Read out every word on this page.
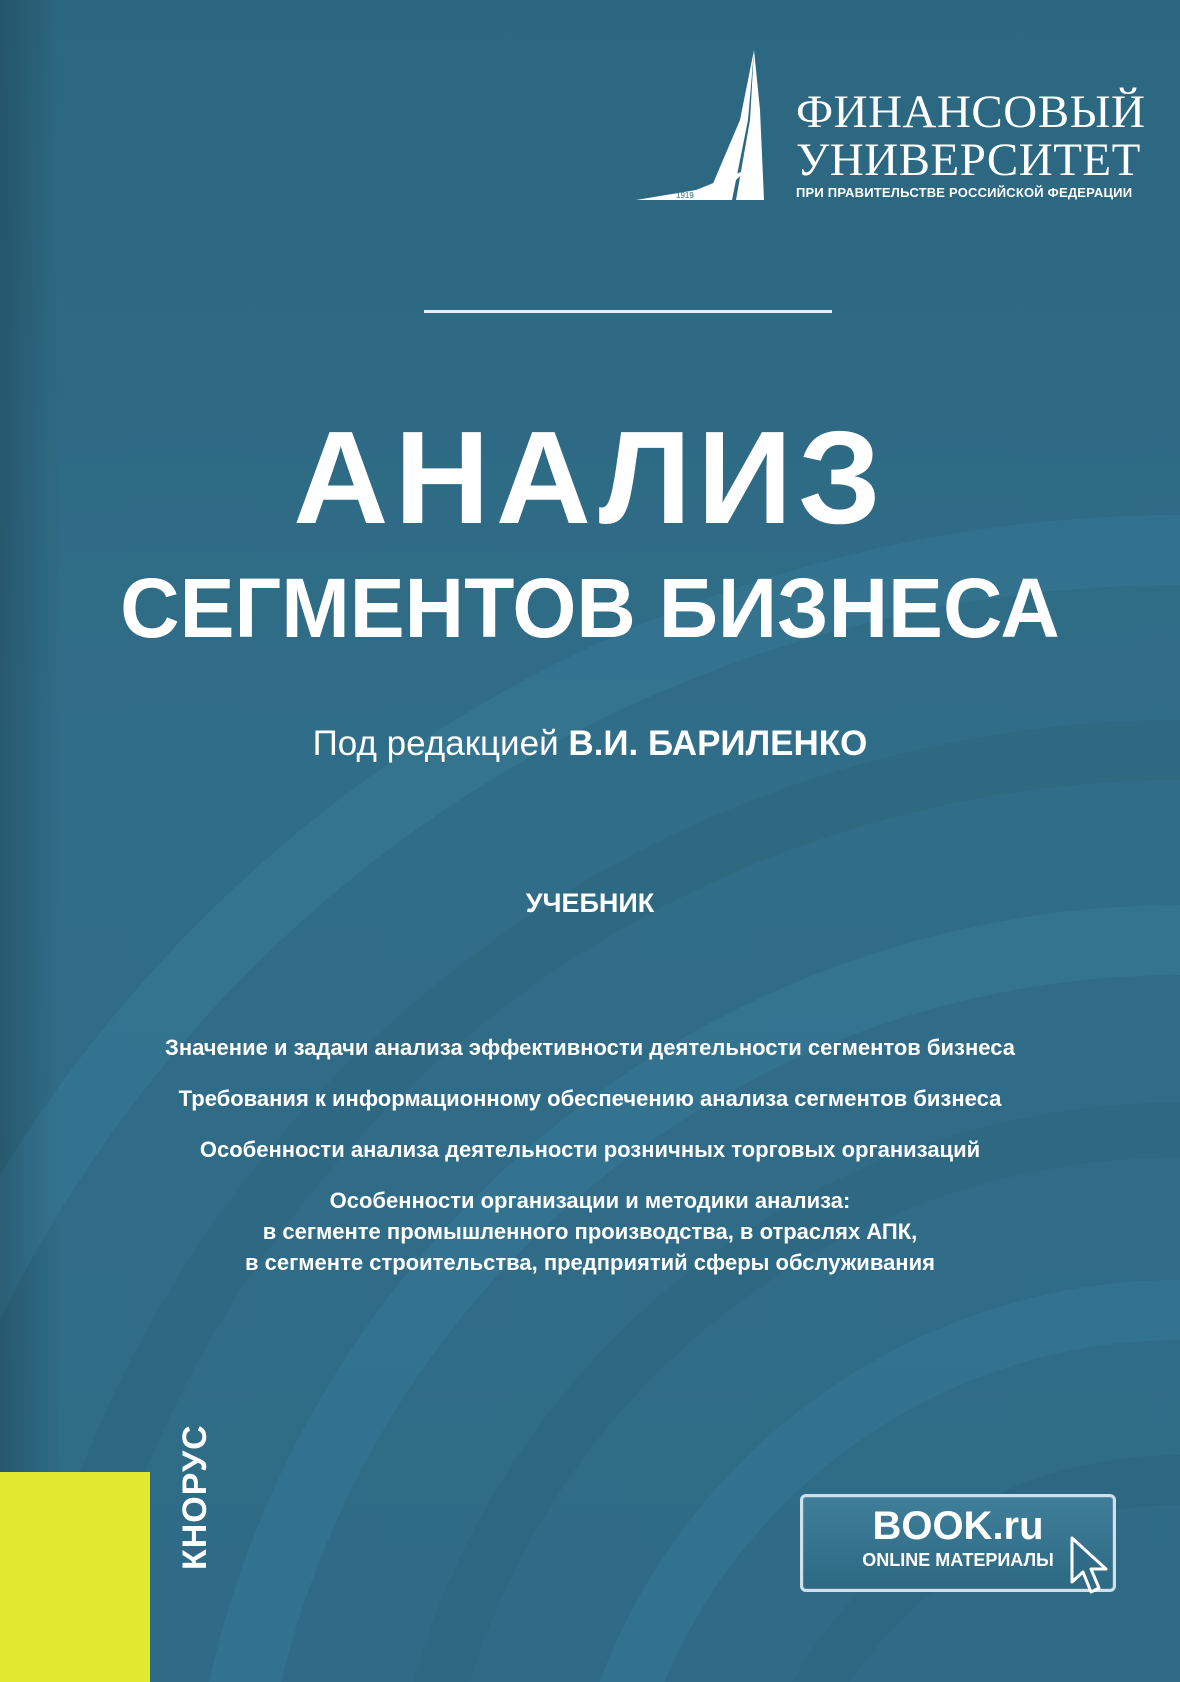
1919
ФИНАНСОВЫЙ
УНИВЕРСИТЕТ
ПРИ ПРАВИТЕЛЬСТВЕ РОССИЙСКОЙ ФЕДЕРАЦИИ
АНАЛИЗ
СЕГМЕНТОВ БИЗНЕСА
Под редакцией В.И. БАРИЛЕНКО
УЧЕБНИК
Значение и задачи анализа эффективности деятельности сегментов бизнеса
Требования к информационному обеспечению анализа сегментов бизнеса
Особенности анализа деятельности розничных торговых организаций
Особенности организации и методики анализа:
в сегменте промышленного производства, в отраслях АПК,
в сегменте строительства, предприятий сферы обслуживания
КНОРУС	BOOK.ru
ONLINE МАТЕРИАЛЫ
